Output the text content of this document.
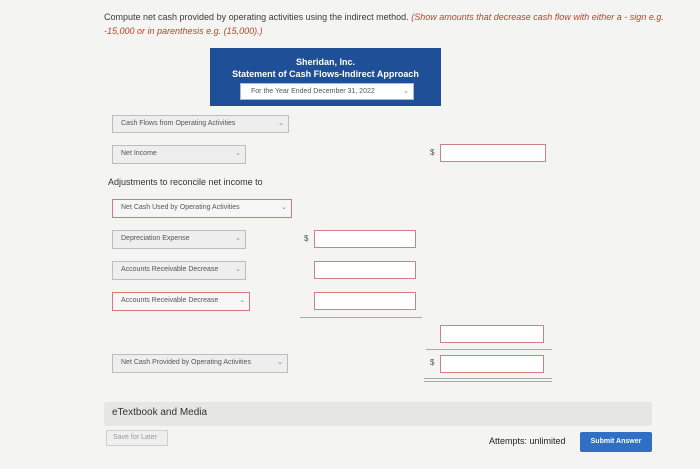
Compute net cash provided by operating activities using the indirect method. (Show amounts that decrease cash flow with either a - sign e.g. -15,000 or in parenthesis e.g. (15,000).)
Sheridan, Inc.
Statement of Cash Flows-Indirect Approach
For the Year Ended December 31, 2022	⌄
Cash Flows from Operating Activities	⌄
Net Income	⌄	$
Adjustments to reconcile net income to
Net Cash Used by Operating Activities	⌄
Depreciation Expense	⌄	$
Accounts Receivable Decrease ⌄
Accounts Receivable Decrease	⌄
Net Cash Provided by Operating Activities	⌄	$
eTextbook and Media
Save for Later	Attempts: unlimited	Submit Answer
